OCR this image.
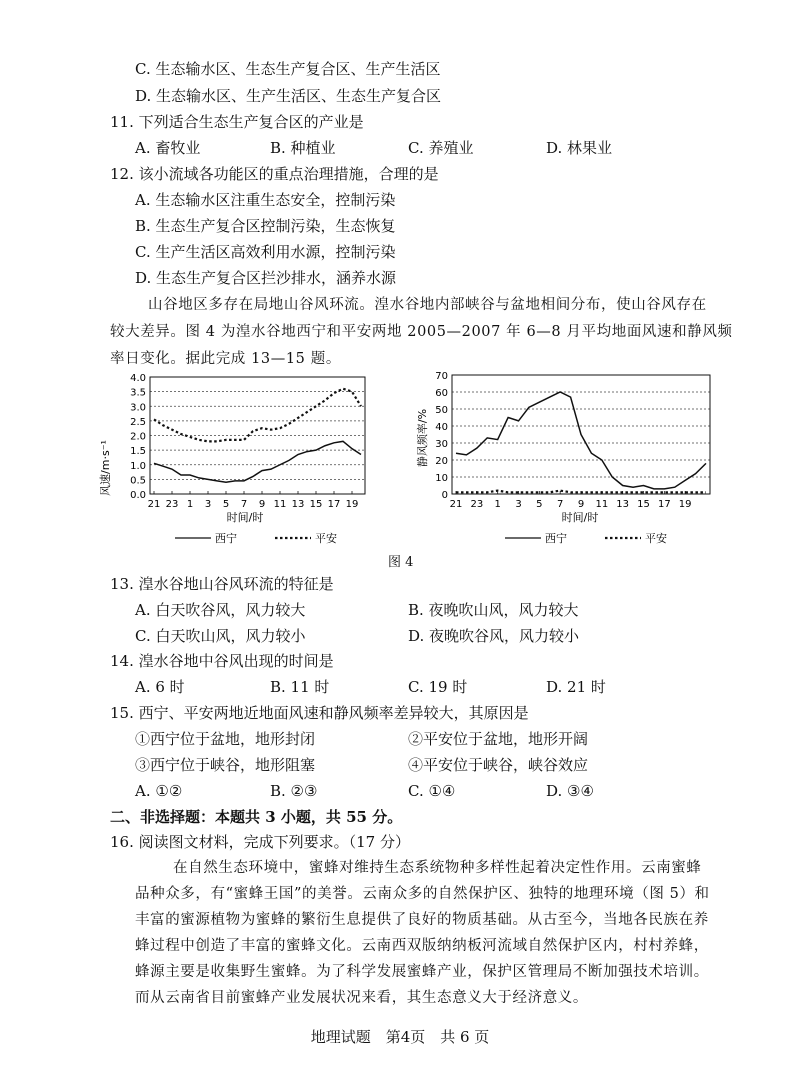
C. 生态输水区、生态生产复合区、生产生活区
D. 生态输水区、生产生活区、生态生产复合区
11. 下列适合生态生产复合区的产业是
A. 畜牧业	B. 种植业	C. 养殖业	D. 林果业
12. 该小流域各功能区的重点治理措施，合理的是
A. 生态输水区注重生态安全，控制污染
B. 生态生产复合区控制污染，生态恢复
C. 生产生活区高效利用水源，控制污染
D. 生态生产复合区拦沙排水，涵养水源
山谷地区多存在局地山谷风环流。湟水谷地内部峡谷与盆地相间分布，使山谷风存在
较大差异。图 4 为湟水谷地西宁和平安两地 2005—2007 年 6—8 月平均地面风速和静风频
率日变化。据此完成 13—15 题。
0.0
0.5
1.0
1.5
2.0
2.5
3.0
3.5
4.0
21 23 1 3 5 7 9 11 13 15 17 19
风速/m·s⁻¹
时间/时
西宁	平安
0
10
20
30
40
50
60
70
21 23 1 3 5 7 9 11 13 15 17 19
静风频率/%
时间/时
西宁	平安
图 4
13. 湟水谷地山谷风环流的特征是
A. 白天吹谷风，风力较大	B. 夜晚吹山风，风力较大
C. 白天吹山风，风力较小	D. 夜晚吹谷风，风力较小
14. 湟水谷地中谷风出现的时间是
A. 6 时	B. 11 时	C. 19 时	D. 21 时
15. 西宁、平安两地近地面风速和静风频率差异较大，其原因是
①西宁位于盆地，地形封闭	②平安位于盆地，地形开阔
③西宁位于峡谷，地形阻塞	④平安位于峡谷，峡谷效应
A. ①②	B. ②③	C. ①④	D. ③④
二、非选择题：本题共 3 小题，共 55 分。
16. 阅读图文材料，完成下列要求。（17 分）

在自然生态环境中，蜜蜂对维持生态系统物种多样性起着决定性作用。云南蜜蜂品种众多，有“蜜蜂王国”的美誉。云南众多的自然保护区、独特的地理环境（图 5）和丰富的蜜源植物为蜜蜂的繁衍生息提供了良好的物质基础。从古至今，当地各民族在养蜂过程中创造了丰富的蜜蜂文化。云南西双版纳纳板河流域自然保护区内，村村养蜂，蜂源主要是收集野生蜜蜂。为了科学发展蜜蜂产业，保护区管理局不断加强技术培训。而从云南省目前蜜蜂产业发展状况来看，其生态意义大于经济意义。

地理试题　第4页　共 6 页
